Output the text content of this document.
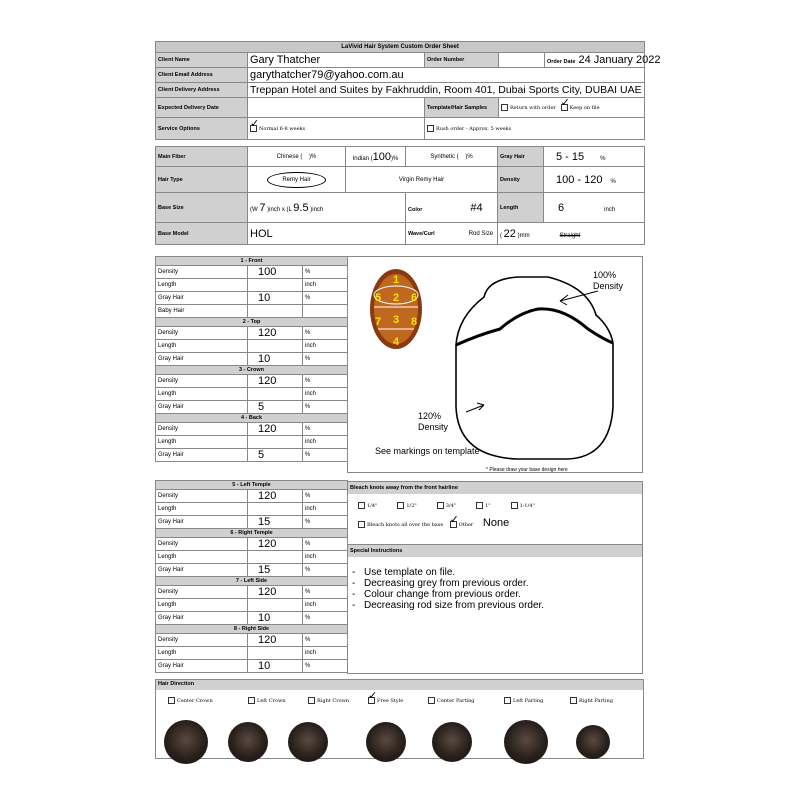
LaVivid Hair System Custom Order Sheet				
Client Name	Gary Thatcher	Order Number		Order Date 24 January 2022
Client Email Address	garythatcher79@yahoo.com.au			
Client Delivery Address	Treppan Hotel and Suites by Fakhruddin, Room 401, Dubai Sports City, DUBAI UAE			
Expected Delivery Date		Template/Hair Samples	Return with order ✓ Keep on file	
Service Options	✓ Normal 6-8 weeks	Rush order - Approx. 5 weeks		
Main Fiber	Chinese ( )%	Indian (100)%	Synthetic ( )%	Gray Hair	5 - 15 %
Hair Type	Remy Hair	Virgin Remy Hair		Density	100 - 120 %
Base Size	(W 7 )inch x (L 9.5 )inch		Color #4	Length	6 inch
Base Model	HOL		Wave/Curl Rod Size	( 22 )mm Straight	
1 - Front		
Density	100	%
Length		inch
Gray Hair	10	%
Baby Hair		
2 - Top		
Density	120	%
Length		inch
Gray Hair	10	%
3 - Crown		
Density	120	%
Length		inch
Gray Hair	5	%
4 - Back		
Density	120	%
Length		inch
Gray Hair	5	%
5 - Left Temple		
Density	120	%
Length		inch
Gray Hair	15	%
6 - Right Temple		
Density	120	%
Length		inch
Gray Hair	15	%
7 - Left Side		
Density	120	%
Length		inch
Gray Hair	10	%
8 - Right Side		
Density	120	%
Length		inch
Gray Hair	10	%
1
2
3
4
5	6
7	8
100%
Density
120%
Density
See markings on template
* Please draw your base design here
Bleach knots away from the front hairline
1/4"	1/2"	3/4"	1"	1-1/4"
Bleach knots all over the base ✓ Other None
Special Instructions
- Use template on file.
- Decreasing grey from previous order.
- Colour change from previous order.
- Decreasing rod size from previous order.
Hair Direction
Center Crown	Left Crown	Right Crown ✓ Free Style	Center Parting	Left Parting	Right Parting
